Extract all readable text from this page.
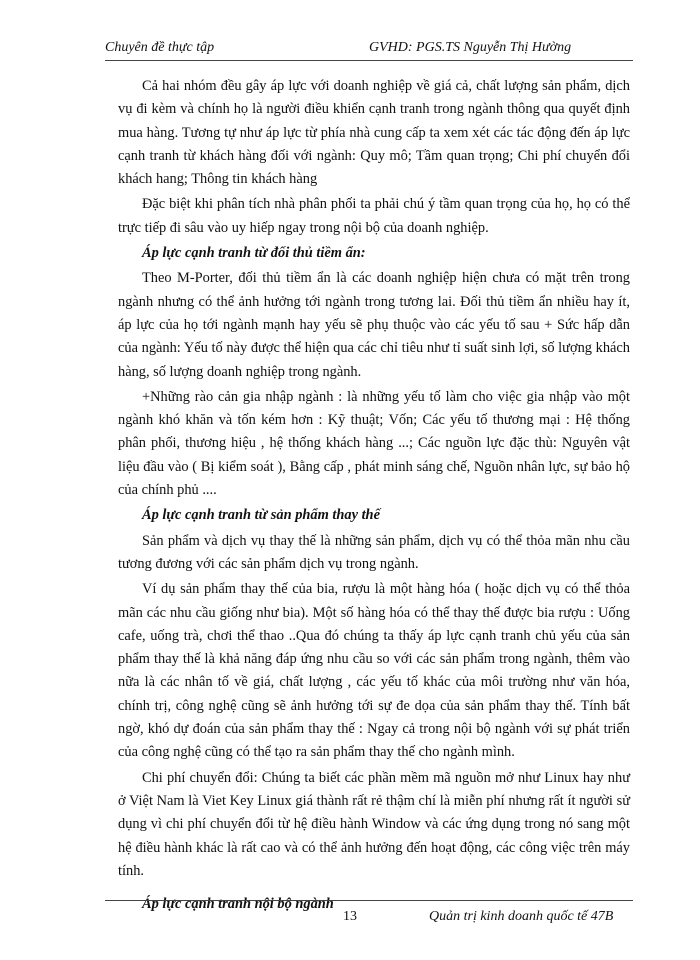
Chuyên đề thực tập	GVHD: PGS.TS Nguyễn Thị Hường

Cả hai nhóm đều gây áp lực với doanh nghiệp về giá cả, chất lượng sản phẩm, dịch vụ đi kèm và chính họ là người điều khiển cạnh tranh trong ngành thông qua quyết định mua hàng. Tương tự như áp lực từ phía nhà cung cấp ta xem xét các tác động đến áp lực cạnh tranh từ khách hàng đối với ngành: Quy mô; Tầm quan trọng; Chi phí chuyển đổi khách hang; Thông tin khách hàng

Đặc biệt khi phân tích nhà phân phối ta phải chú ý tầm quan trọng của họ, họ có thể trực tiếp đi sâu vào uy hiếp ngay trong nội bộ của doanh nghiệp.

Áp lực cạnh tranh từ đối thủ tiềm ẩn:

Theo M-Porter, đối thủ tiềm ẩn là các doanh nghiệp hiện chưa có mặt trên trong ngành nhưng có thể ảnh hưởng tới ngành trong tương lai. Đối thủ tiềm ẩn nhiều hay ít, áp lực của họ tới ngành mạnh hay yếu sẽ phụ thuộc vào các yếu tố sau + Sức hấp dẫn của ngành: Yếu tố này được thể hiện qua các chỉ tiêu như tỉ suất sinh lợi, số lượng khách hàng, số lượng doanh nghiệp trong ngành.

+Những rào cản gia nhập ngành : là những yếu tố làm cho việc gia nhập vào một ngành khó khăn và tốn kém hơn : Kỹ thuật; Vốn; Các yếu tố thương mại : Hệ thống phân phối, thương hiệu , hệ thống khách hàng ...; Các nguồn lực đặc thù: Nguyên vật liệu đầu vào ( Bị kiểm soát ), Bằng cấp , phát minh sáng chế, Nguồn nhân lực, sự bảo hộ của chính phủ ....

Áp lực cạnh tranh từ sản phẩm thay thế

Sản phẩm và dịch vụ thay thế là những sản phẩm, dịch vụ có thể thỏa mãn nhu cầu tương đương với các sản phẩm dịch vụ trong ngành.

Ví dụ sản phẩm thay thế của bia, rượu là một hàng hóa ( hoặc dịch vụ có thể thỏa mãn các nhu cầu giống như bia). Một số hàng hóa có thể thay thế được bia rượu : Uống cafe, uống trà, chơi thể thao ..Qua đó chúng ta thấy áp lực cạnh tranh chủ yếu của sản phẩm thay thế là khả năng đáp ứng nhu cầu so với các sản phẩm trong ngành, thêm vào nữa là các nhân tố về giá, chất lượng , các yếu tố khác của môi trường như văn hóa, chính trị, công nghệ cũng sẽ ảnh hưởng tới sự đe dọa của sản phẩm thay thế. Tính bất ngờ, khó dự đoán của sản phẩm thay thế : Ngay cả trong nội bộ ngành với sự phát triển của công nghệ cũng có thể tạo ra sản phẩm thay thế cho ngành mình.

Chi phí chuyển đổi: Chúng ta biết các phần mềm mã nguồn mở như Linux hay như ở Việt Nam là Viet Key Linux giá thành rất rẻ thậm chí là miễn phí nhưng rất ít người sử dụng vì chi phí chuyển đổi từ hệ điều hành Window và các ứng dụng trong nó sang một hệ điều hành khác là rất cao và có thể ảnh hưởng đến hoạt động, các công việc trên máy tính.

Áp lực cạnh tranh nội bộ ngành

13	Quản trị kinh doanh quốc tế 47B
